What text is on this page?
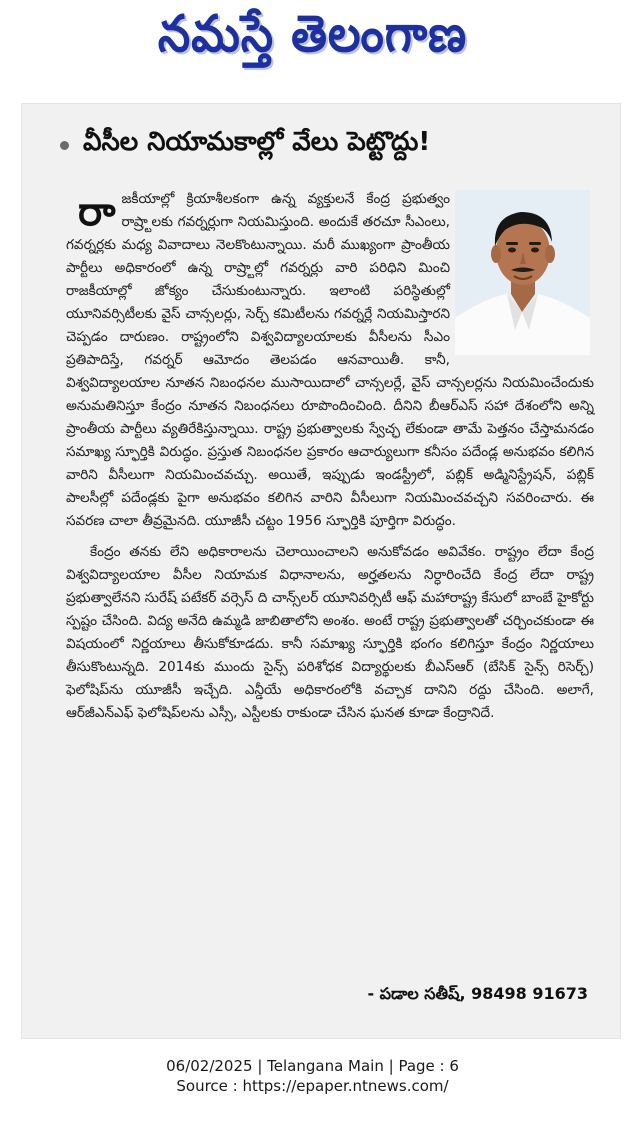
నమస్తే తెలంగాణ
వీసీల నియామకాల్లో వేలు పెట్టొద్దు!

రాజకీయాల్లో క్రియాశీలకంగా ఉన్న వ్యక్తులనే కేంద్ర ప్రభుత్వం రాష్ర్టాలకు గవర్నర్లుగా నియమిస్తుంది. అందుకే తరచూ సీఎంలు, గవర్నర్లకు మధ్య వివాదాలు నెలకొంటున్నాయి. మరీ ముఖ్యంగా ప్రాంతీయ పార్టీలు అధికారంలో ఉన్న రాష్ర్టాల్లో గవర్నర్లు వారి పరిధిని మించి రాజకీయాల్లో జోక్యం చేసుకుంటున్నారు. ఇలాంటి పరిస్థితుల్లో యూనివర్సిటీలకు వైస్ చాన్సలర్లు, సెర్చ్ కమిటీలను గవర్నర్లే నియమిస్తారని చెప్పడం దారుణం. రాష్ట్రంలోని విశ్వవిద్యాలయాలకు వీసీలను సీఎం ప్రతిపాదిస్తే, గవర్నర్ ఆమోదం తెలపడం ఆనవాయితీ. కానీ, విశ్వవిద్యాలయాల నూతన నిబంధనల ముసాయిదాలో చాన్సలర్లే, వైస్ చాన్సలర్లను నియమించేందుకు అనుమతినిస్తూ కేంద్రం నూతన నిబంధనలు రూపొందించింది. దీనిని బీఆర్ఎస్ సహా దేశంలోని అన్ని ప్రాంతీయ పార్టీలు వ్యతిరేకిస్తున్నాయి. రాష్ట్ర ప్రభుత్వాలకు స్వేచ్ఛ లేకుండా తామే పెత్తనం చేస్తామనడం సమాఖ్య స్ఫూర్తికి విరుద్ధం. ప్రస్తుత నిబంధనల ప్రకారం ఆచార్యులుగా కనీసం పదేండ్ల అనుభవం కలిగిన వారిని వీసీలుగా నియమించవచ్చు. అయితే, ఇప్పుడు ఇండస్ట్రీలో, పబ్లిక్ అడ్మినిస్ట్రేషన్, పబ్లిక్ పాలసీల్లో పదేండ్లకు పైగా అనుభవం కలిగిన వారిని వీసీలుగా నియమించవచ్చని సవరించారు. ఈ సవరణ చాలా తీవ్రమైనది. యూజీసీ చట్టం 1956 స్ఫూర్తికి పూర్తిగా విరుద్ధం.

కేంద్రం తనకు లేని అధికారాలను చెలాయించాలని అనుకోవడం అవివేకం. రాష్ట్రం లేదా కేంద్ర విశ్వవిద్యాలయాల వీసీల నియామక విధానాలను, అర్హతలను నిర్ధారించేది కేంద్ర లేదా రాష్ట్ర ప్రభుత్వాలేనని సురేష్ పటేకర్ వర్సెస్ ది చాన్స్‌లర్ యూనివర్సిటీ ఆఫ్ మహారాష్ట్ర కేసులో బాంబే హైకోర్టు స్పష్టం చేసింది. విద్య అనేది ఉమ్మడి జాబితాలోని అంశం. అంటే రాష్ట్ర ప్రభుత్వాలతో చర్చించకుండా ఈ విషయంలో నిర్ణయాలు తీసుకోకూడదు. కానీ సమాఖ్య స్ఫూర్తికి భంగం కలిగిస్తూ కేంద్రం నిర్ణయాలు తీసుకొంటున్నది. 2014కు ముందు సైన్స్ పరిశోధక విద్యార్థులకు బీఎస్ఆర్ (బేసిక్ సైన్స్ రిసెర్చ్) ఫెలోషిప్‌ను యూజీసీ ఇచ్చేది. ఎన్డీయే అధికారంలోకి వచ్చాక దానిని రద్దు చేసింది. అలాగే, ఆర్‌జీఎన్ఎఫ్ ఫెలోషిప్‌లను ఎస్సీ, ఎస్టీలకు రాకుండా చేసిన ఘనత కూడా కేంద్రానిదే.

- పడాల సతీష్, 98498 91673
06/02/2025 | Telangana Main | Page : 6
Source : https://epaper.ntnews.com/
